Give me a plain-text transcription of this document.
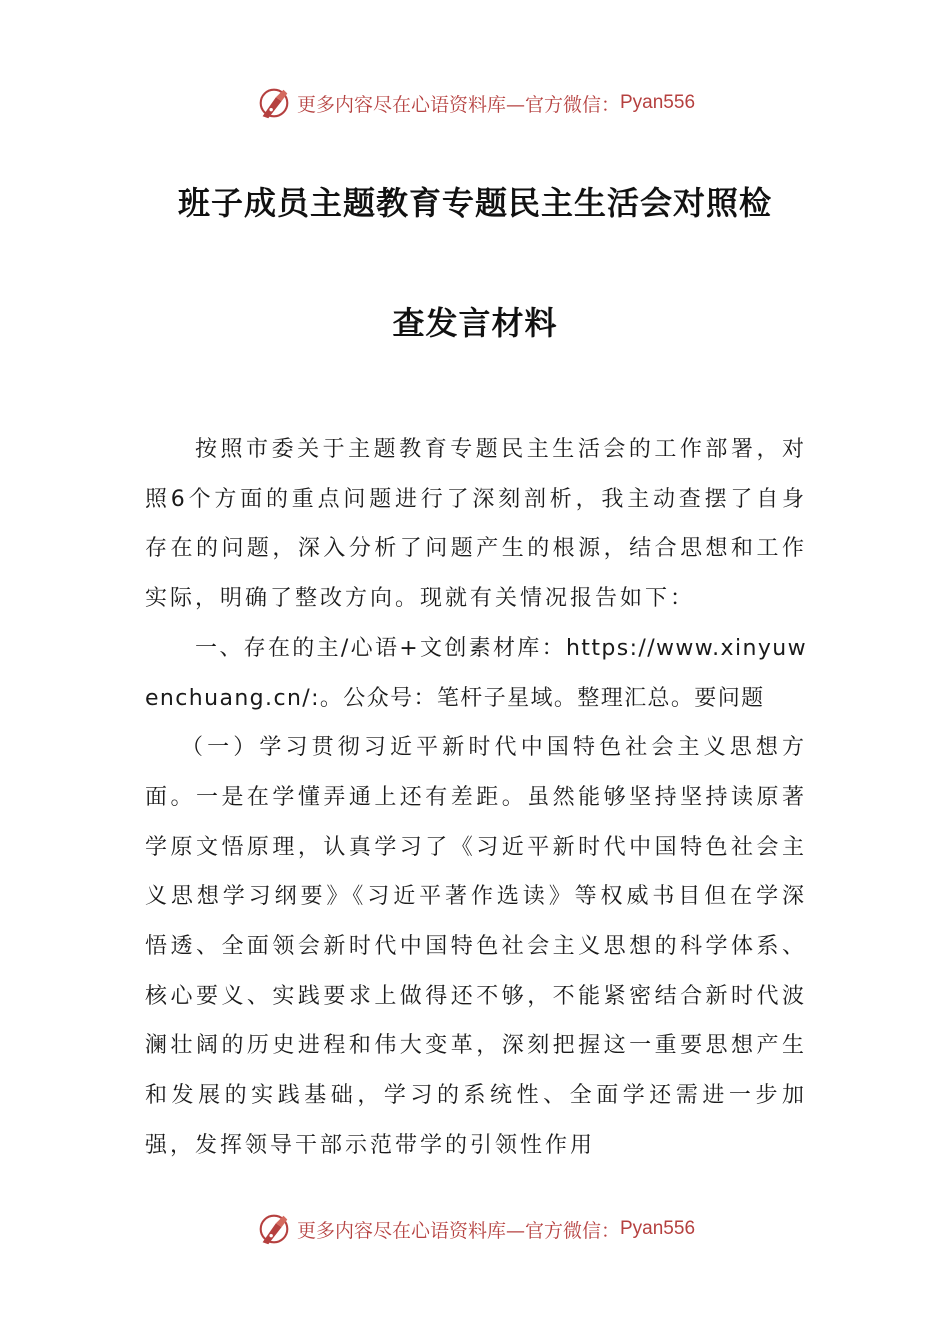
更多内容尽在心语资料库—官方微信： Pyan556
班子成员主题教育专题民主生活会对照检
查发言材料

按照市委关于主题教育专题民主生活会的工作部署，对照6个方面的重点问题进行了深刻剖析，我主动查摆了自身存在的问题，深入分析了问题产生的根源，结合思想和工作实际，明确了整改方向。现就有关情况报告如下：

一、存在的主/心语+文创素材库：https://www.xinyuwenchuang.cn/:。公众号：笔杆子星域。整理汇总。要问题

（一）学习贯彻习近平新时代中国特色社会主义思想方面。一是在学懂弄通上还有差距。虽然能够坚持坚持读原著学原文悟原理，认真学习了《习近平新时代中国特色社会主义思想学习纲要》《习近平著作选读》等权威书目但在学深悟透、全面领会新时代中国特色社会主义思想的科学体系、核心要义、实践要求上做得还不够，不能紧密结合新时代波澜壮阔的历史进程和伟大变革，深刻把握这一重要思想产生和发展的实践基础，学习的系统性、全面学还需进一步加强，发挥领导干部示范带学的引领性作用

更多内容尽在心语资料库—官方微信： Pyan556
